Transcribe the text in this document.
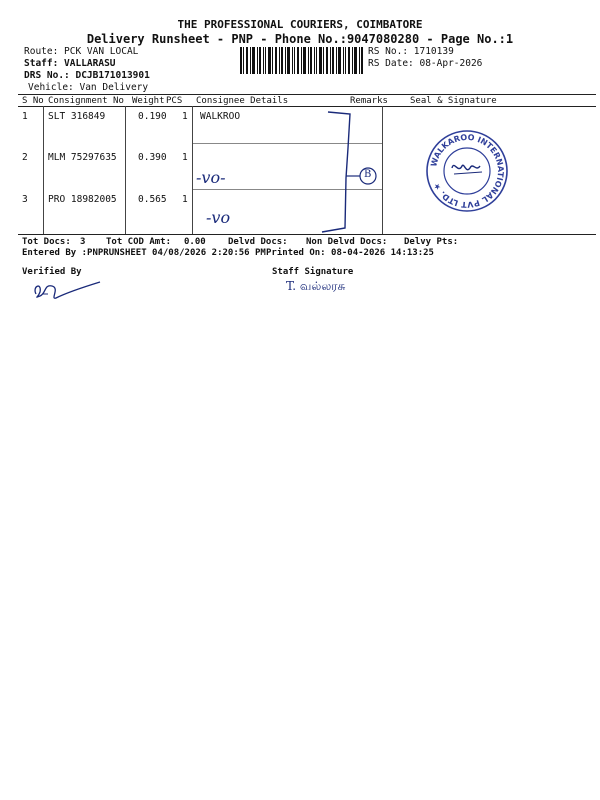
THE PROFESSIONAL COURIERS, COIMBATORE
Delivery Runsheet - PNP - Phone No.:9047080280 - Page No.:1
Route: PCK VAN LOCAL
Staff: VALLARASU
DRS No.: DCJB171013901
Vehicle: Van Delivery
RS No.: 1710139
RS Date: 08-Apr-2026
S No Consignment No Weight PCS Consignee Details	Remarks Seal & Signature
1 SLT 316849	0.190 1 WALKROO
2 MLM 75297635 0.390 1
3 PRO 18982005 0.565 1
-vo-
-vo
B
WALKAROO INTERNATIONAL PVT LTD. ★
Tot Docs: 3 Tot COD Amt: 0.00 Delvd Docs: Non Delvd Docs: Delvy Pts:
Entered By :PNPRUNSHEET 04/08/2026 2:20:56 PM Printed On: 08-04-2026 14:13:25
Verified By	Staff Signature
T. வல்லரசு
